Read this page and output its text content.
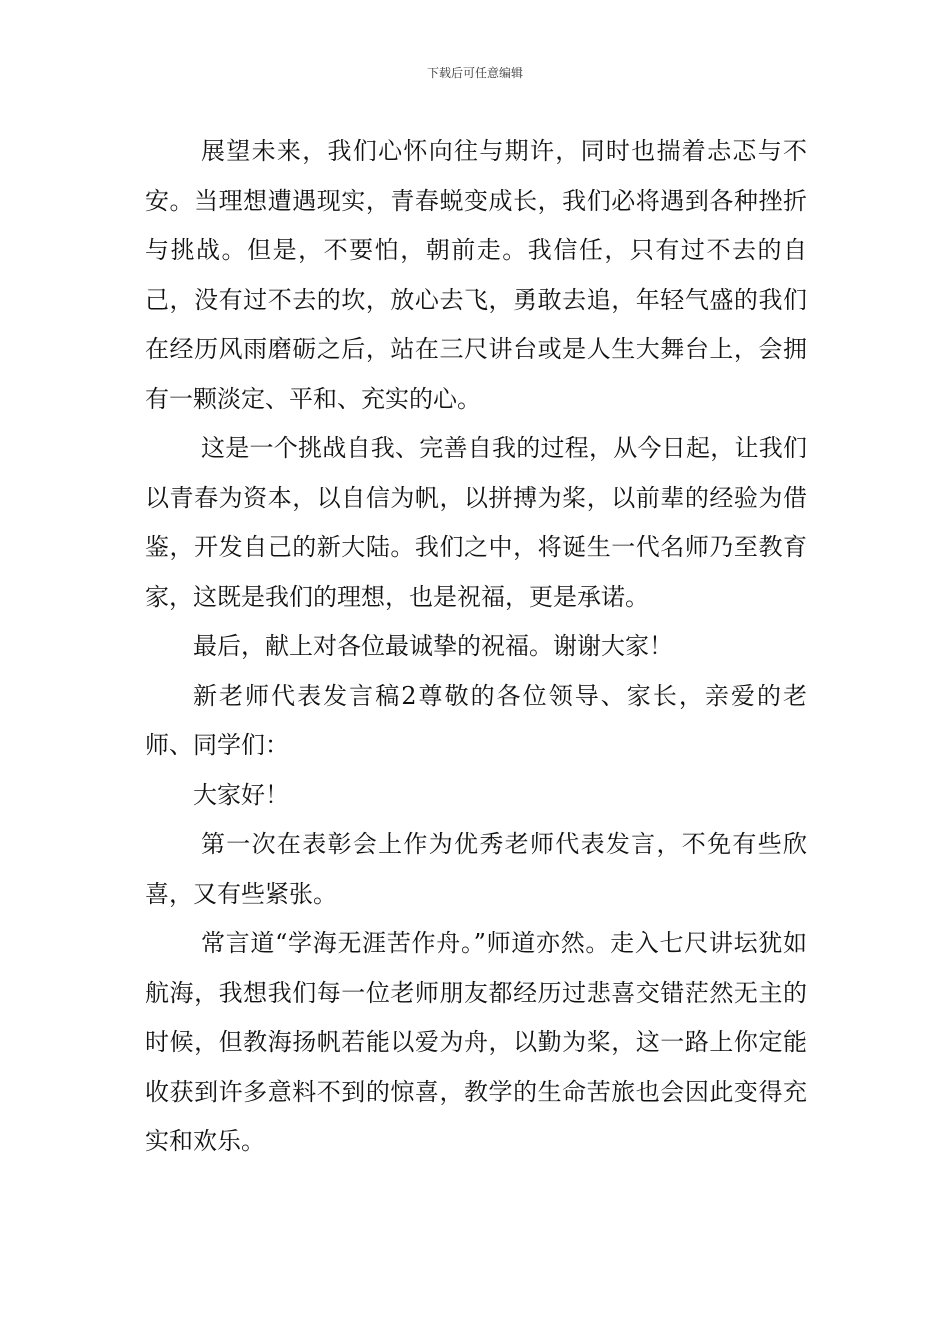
下载后可任意编辑

展望未来，我们心怀向往与期许，同时也揣着忐忑与不安。当理想遭遇现实，青春蜕变成长，我们必将遇到各种挫折与挑战。但是，不要怕，朝前走。我信任，只有过不去的自己，没有过不去的坎，放心去飞，勇敢去追，年轻气盛的我们在经历风雨磨砺之后，站在三尺讲台或是人生大舞台上，会拥有一颗淡定、平和、充实的心。

这是一个挑战自我、完善自我的过程，从今日起，让我们以青春为资本，以自信为帆，以拼搏为桨，以前辈的经验为借鉴，开发自己的新大陆。我们之中，将诞生一代名师乃至教育家，这既是我们的理想，也是祝福，更是承诺。

最后，献上对各位最诚挚的祝福。谢谢大家！

新老师代表发言稿2尊敬的各位领导、家长，亲爱的老师、同学们：

大家好！

第一次在表彰会上作为优秀老师代表发言，不免有些欣喜，又有些紧张。

常言道“学海无涯苦作舟。”师道亦然。走入七尺讲坛犹如航海，我想我们每一位老师朋友都经历过悲喜交错茫然无主的时候，但教海扬帆若能以爱为舟，以勤为桨，这一路上你定能收获到许多意料不到的惊喜，教学的生命苦旅也会因此变得充实和欢乐。
